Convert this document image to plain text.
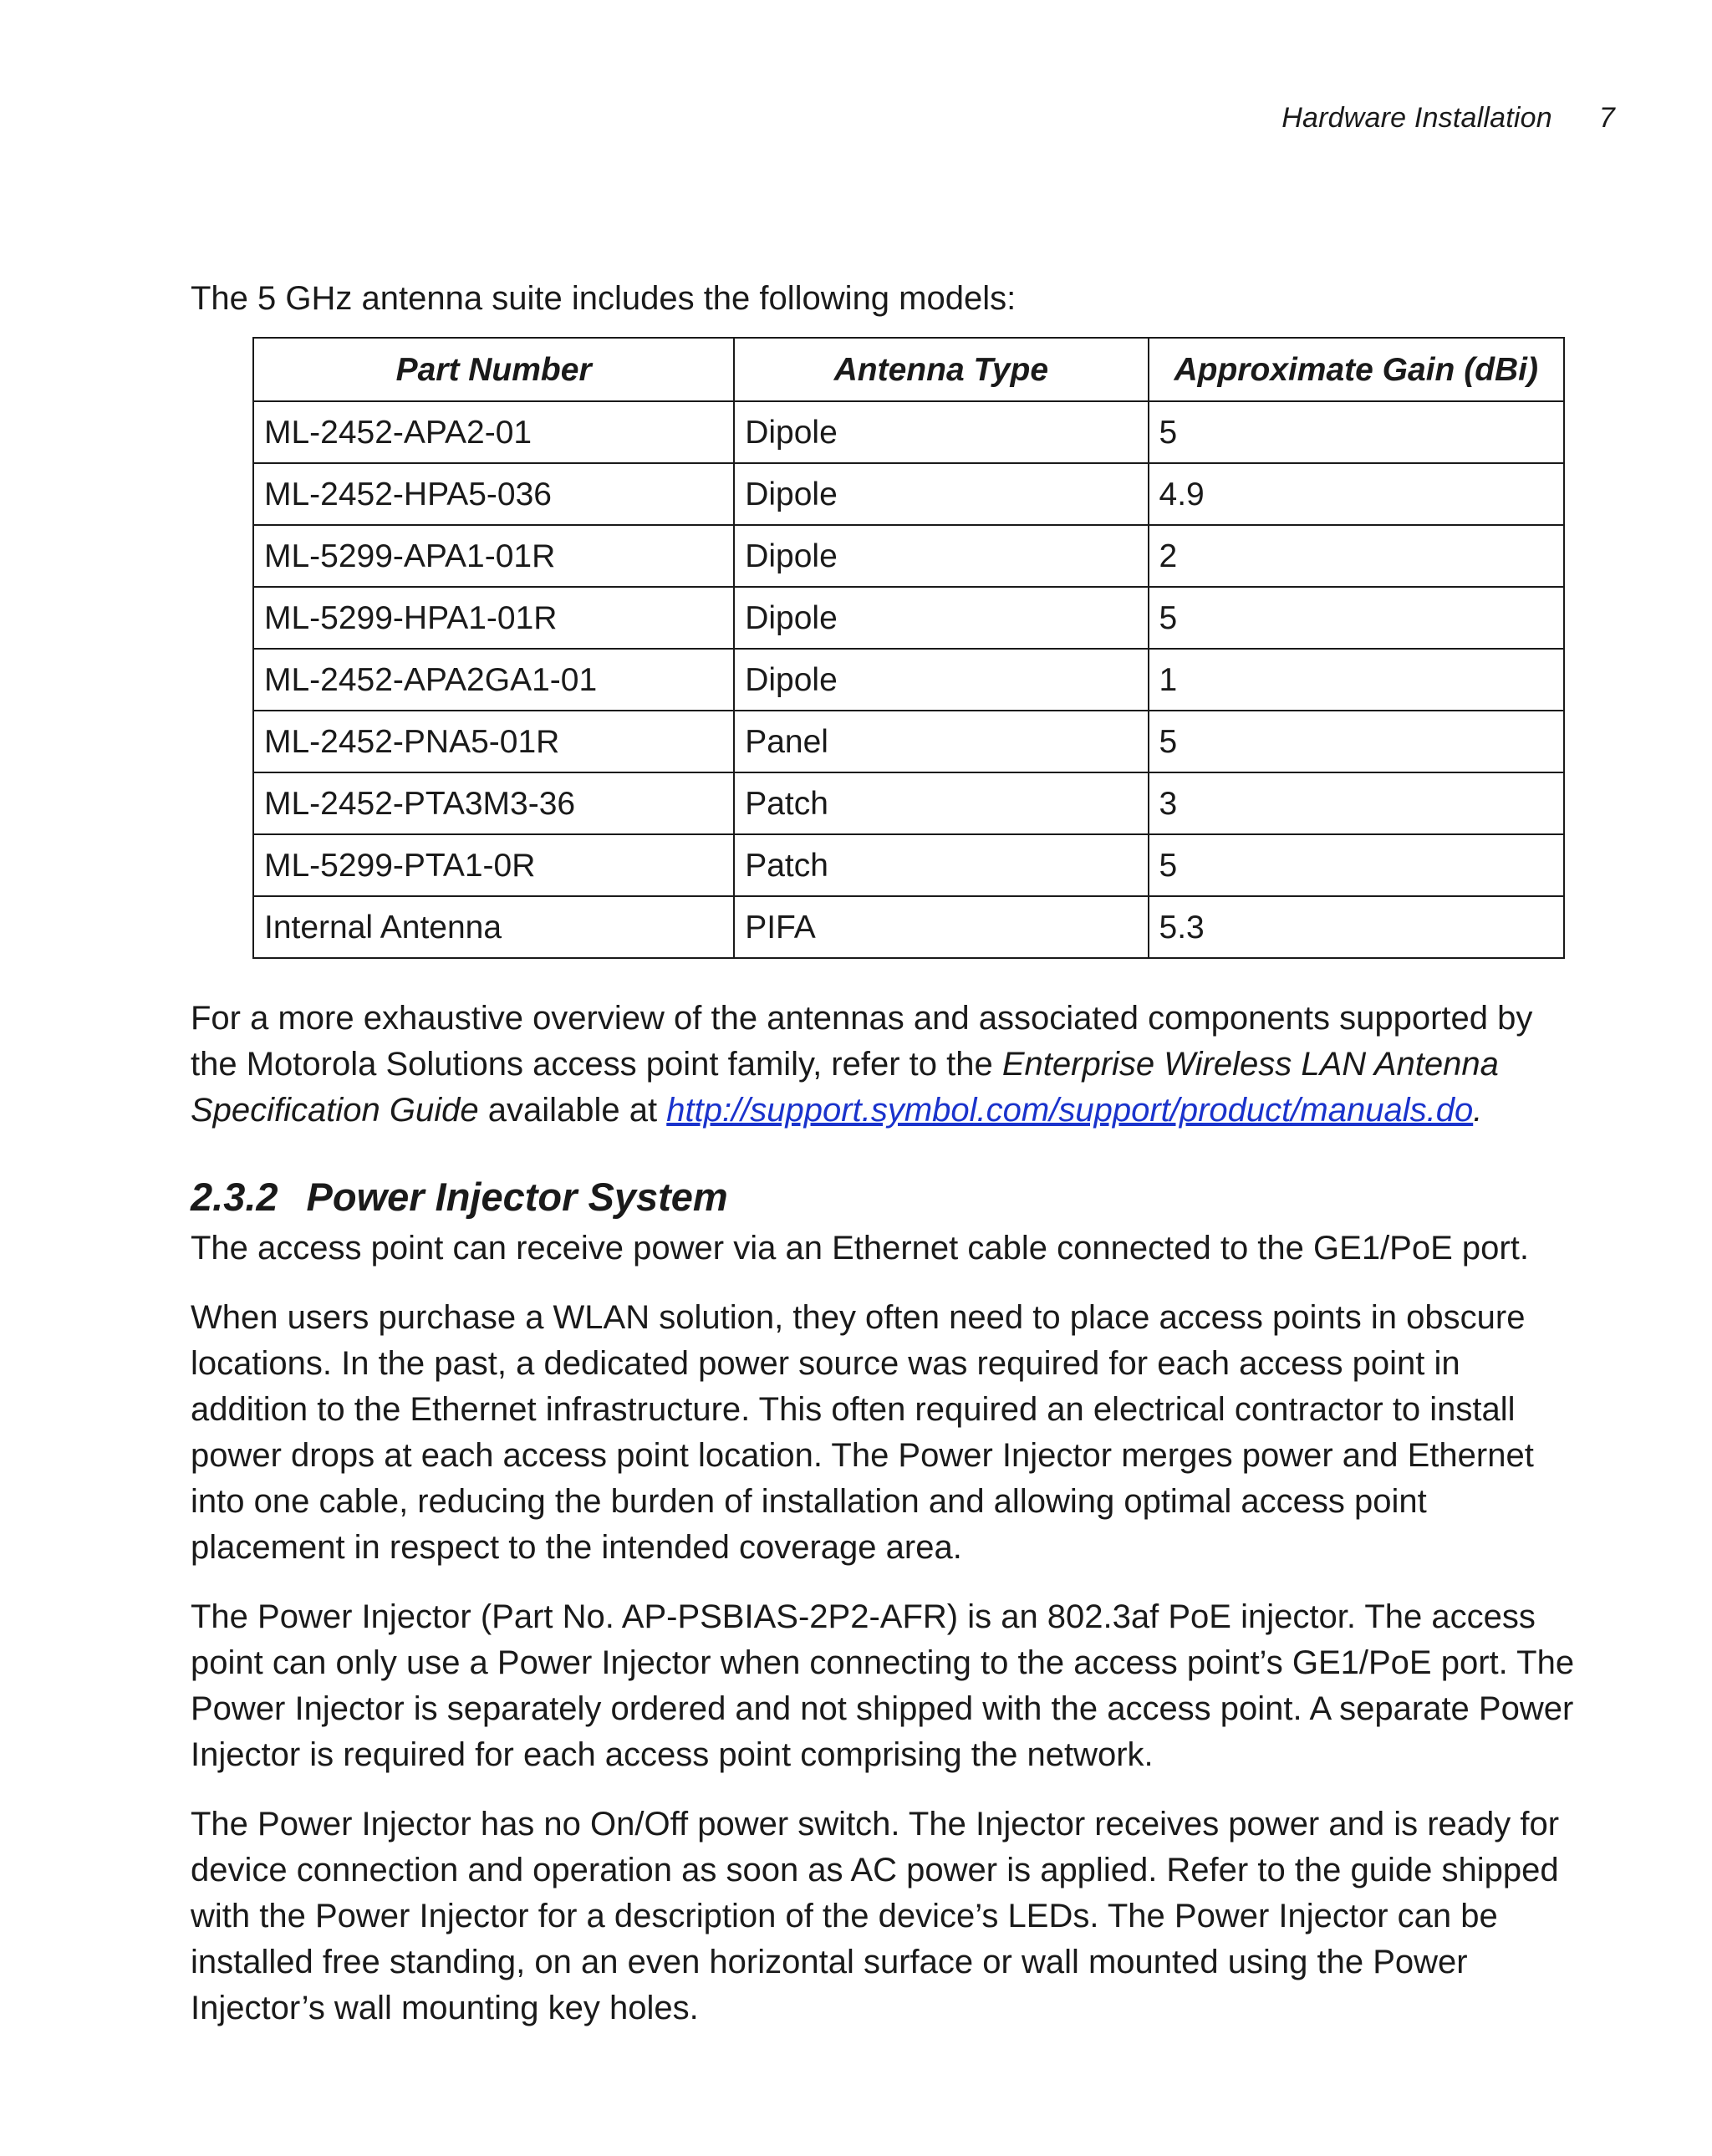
Hardware Installation 7

The 5 GHz antenna suite includes the following models:

Part Number	Antenna Type	Approximate Gain (dBi)
ML-2452-APA2-01	Dipole	5
ML-2452-HPA5-036	Dipole	4.9
ML-5299-APA1-01R	Dipole	2
ML-5299-HPA1-01R	Dipole	5
ML-2452-APA2GA1-01	Dipole	1
ML-2452-PNA5-01R	Panel	5
ML-2452-PTA3M3-36	Patch	3
ML-5299-PTA1-0R	Patch	5
Internal Antenna	PIFA	5.3

For a more exhaustive overview of the antennas and associated components supported by the Motorola Solutions access point family, refer to the Enterprise Wireless LAN Antenna Specification Guide available at http://support.symbol.com/support/product/manuals.do.

2.3.2 Power Injector System

The access point can receive power via an Ethernet cable connected to the GE1/PoE port.

When users purchase a WLAN solution, they often need to place access points in obscure locations. In the past, a dedicated power source was required for each access point in addition to the Ethernet infrastructure. This often required an electrical contractor to install power drops at each access point location. The Power Injector merges power and Ethernet into one cable, reducing the burden of installation and allowing optimal access point placement in respect to the intended coverage area.

The Power Injector (Part No. AP-PSBIAS-2P2-AFR) is an 802.3af PoE injector. The access point can only use a Power Injector when connecting to the access point’s GE1/PoE port. The Power Injector is separately ordered and not shipped with the access point. A separate Power Injector is required for each access point comprising the network.

The Power Injector has no On/Off power switch. The Injector receives power and is ready for device connection and operation as soon as AC power is applied. Refer to the guide shipped with the Power Injector for a description of the device’s LEDs. The Power Injector can be installed free standing, on an even horizontal surface or wall mounted using the Power Injector’s wall mounting key holes.
